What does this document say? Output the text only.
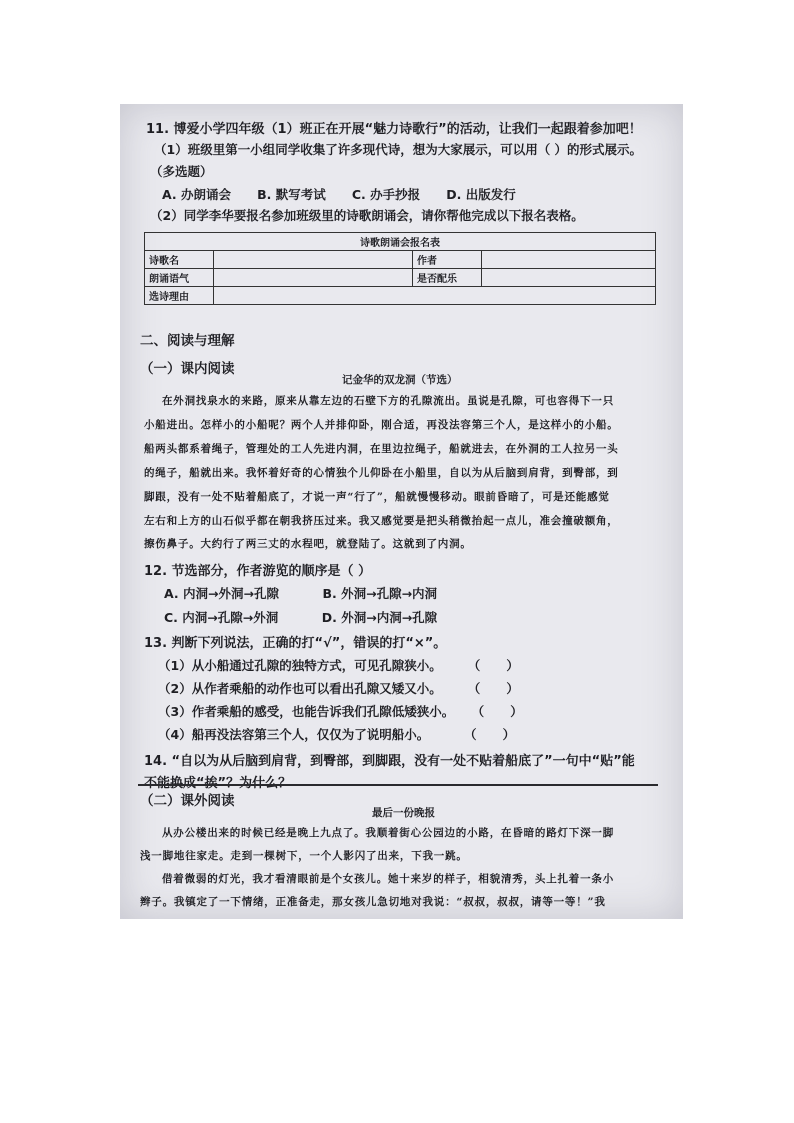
11. 博爱小学四年级（1）班正在开展“魅力诗歌行”的活动，让我们一起跟着参加吧！
（1）班级里第一小组同学收集了许多现代诗，想为大家展示，可以用（ ）的形式展示。
（多选题）
A. 办朗诵会      B. 默写考试      C. 办手抄报      D. 出版发行
（2）同学李华要报名参加班级里的诗歌朗诵会，请你帮他完成以下报名表格。
诗歌朗诵会报名表			
诗歌名		作者	
朗诵语气		是否配乐	
选诗理由			
二、阅读与理解
（一）课内阅读
记金华的双龙洞（节选）
在外洞找泉水的来路，原来从靠左边的石壁下方的孔隙流出。虽说是孔隙，可也容得下一只
小船进出。怎样小的小船呢？两个人并排仰卧，刚合适，再没法容第三个人，是这样小的小船。
船两头都系着绳子，管理处的工人先进内洞，在里边拉绳子，船就进去，在外洞的工人拉另一头
的绳子，船就出来。我怀着好奇的心情独个儿仰卧在小船里，自以为从后脑到肩背，到臀部，到
脚跟，没有一处不贴着船底了，才说一声“行了”，船就慢慢移动。眼前昏暗了，可是还能感觉
左右和上方的山石似乎都在朝我挤压过来。我又感觉要是把头稍微抬起一点儿，准会撞破额角，
擦伤鼻子。大约行了两三丈的水程吧，就登陆了。这就到了内洞。
12. 节选部分，作者游览的顺序是（ ）
A. 内洞→外洞→孔隙          B. 外洞→孔隙→内洞
C. 内洞→孔隙→外洞          D. 外洞→内洞→孔隙
13. 判断下列说法，正确的打“√”，错误的打“×”。
（1）从小船通过孔隙的独特方式，可见孔隙狭小。      （      ）
（2）从作者乘船的动作也可以看出孔隙又矮又小。      （      ）
（3）作者乘船的感受，也能告诉我们孔隙低矮狭小。    （      ）
（4）船再没法容第三个人，仅仅为了说明船小。        （      ）
14. “自以为从后脑到肩背，到臀部，到脚跟，没有一处不贴着船底了”一句中“贴”能
不能换成“挨”？为什么？
（二）课外阅读
最后一份晚报
从办公楼出来的时候已经是晚上九点了。我顺着街心公园边的小路，在昏暗的路灯下深一脚
浅一脚地往家走。走到一棵树下，一个人影闪了出来，下我一跳。
借着微弱的灯光，我才看清眼前是个女孩儿。她十来岁的样子，相貌清秀，头上扎着一条小
辫子。我镇定了一下情绪，正准备走，那女孩儿急切地对我说：“叔叔，叔叔，请等一等！”我
